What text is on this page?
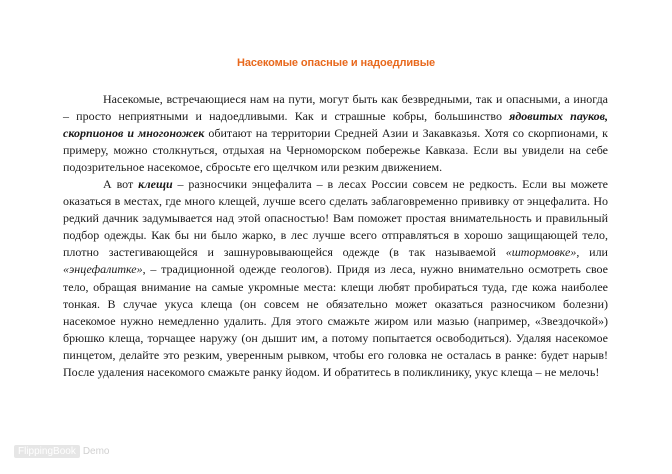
Насекомые опасные и надоедливые

Насекомые, встречающиеся нам на пути, могут быть как безвредными, так и опасными, а иногда – просто неприятными и надоедливыми. Как и страшные кобры, большинство ядовитых пауков, скорпионов и многоножек обитают на территории Средней Азии и Закавказья. Хотя со скорпионами, к примеру, можно столкнуться, отдыхая на Черноморском побережье Кавказа. Если вы увидели на себе подозрительное насекомое, сбросьте его щелчком или резким движением.

А вот клещи – разносчики энцефалита – в лесах России совсем не редкость. Если вы можете оказаться в местах, где много клещей, лучше всего сделать заблаговременно прививку от энцефалита. Но редкий дачник задумывается над этой опасностью! Вам поможет простая внимательность и правильный подбор одежды. Как бы ни было жарко, в лес лучше всего отправляться в хорошо защищающей тело, плотно застегивающейся и зашнуровывающейся одежде (в так называемой «штормовке», или «энцефалитке», – традиционной одежде геологов). Придя из леса, нужно внимательно осмотреть свое тело, обращая внимание на самые укромные места: клещи любят пробираться туда, где кожа наиболее тонкая. В случае укуса клеща (он совсем не обязательно может оказаться разносчиком болезни) насекомое нужно немедленно удалить. Для этого смажьте жиром или мазью (например, «Звездочкой») брюшко клеща, торчащее наружу (он дышит им, а потому попытается освободиться). Удаляя насекомое пинцетом, делайте это резким, уверенным рывком, чтобы его головка не осталась в ранке: будет нарыв! После удаления насекомого смажьте ранку йодом. И обратитесь в поликлинику, укус клеща – не мелочь!

FlippingBook Demo
